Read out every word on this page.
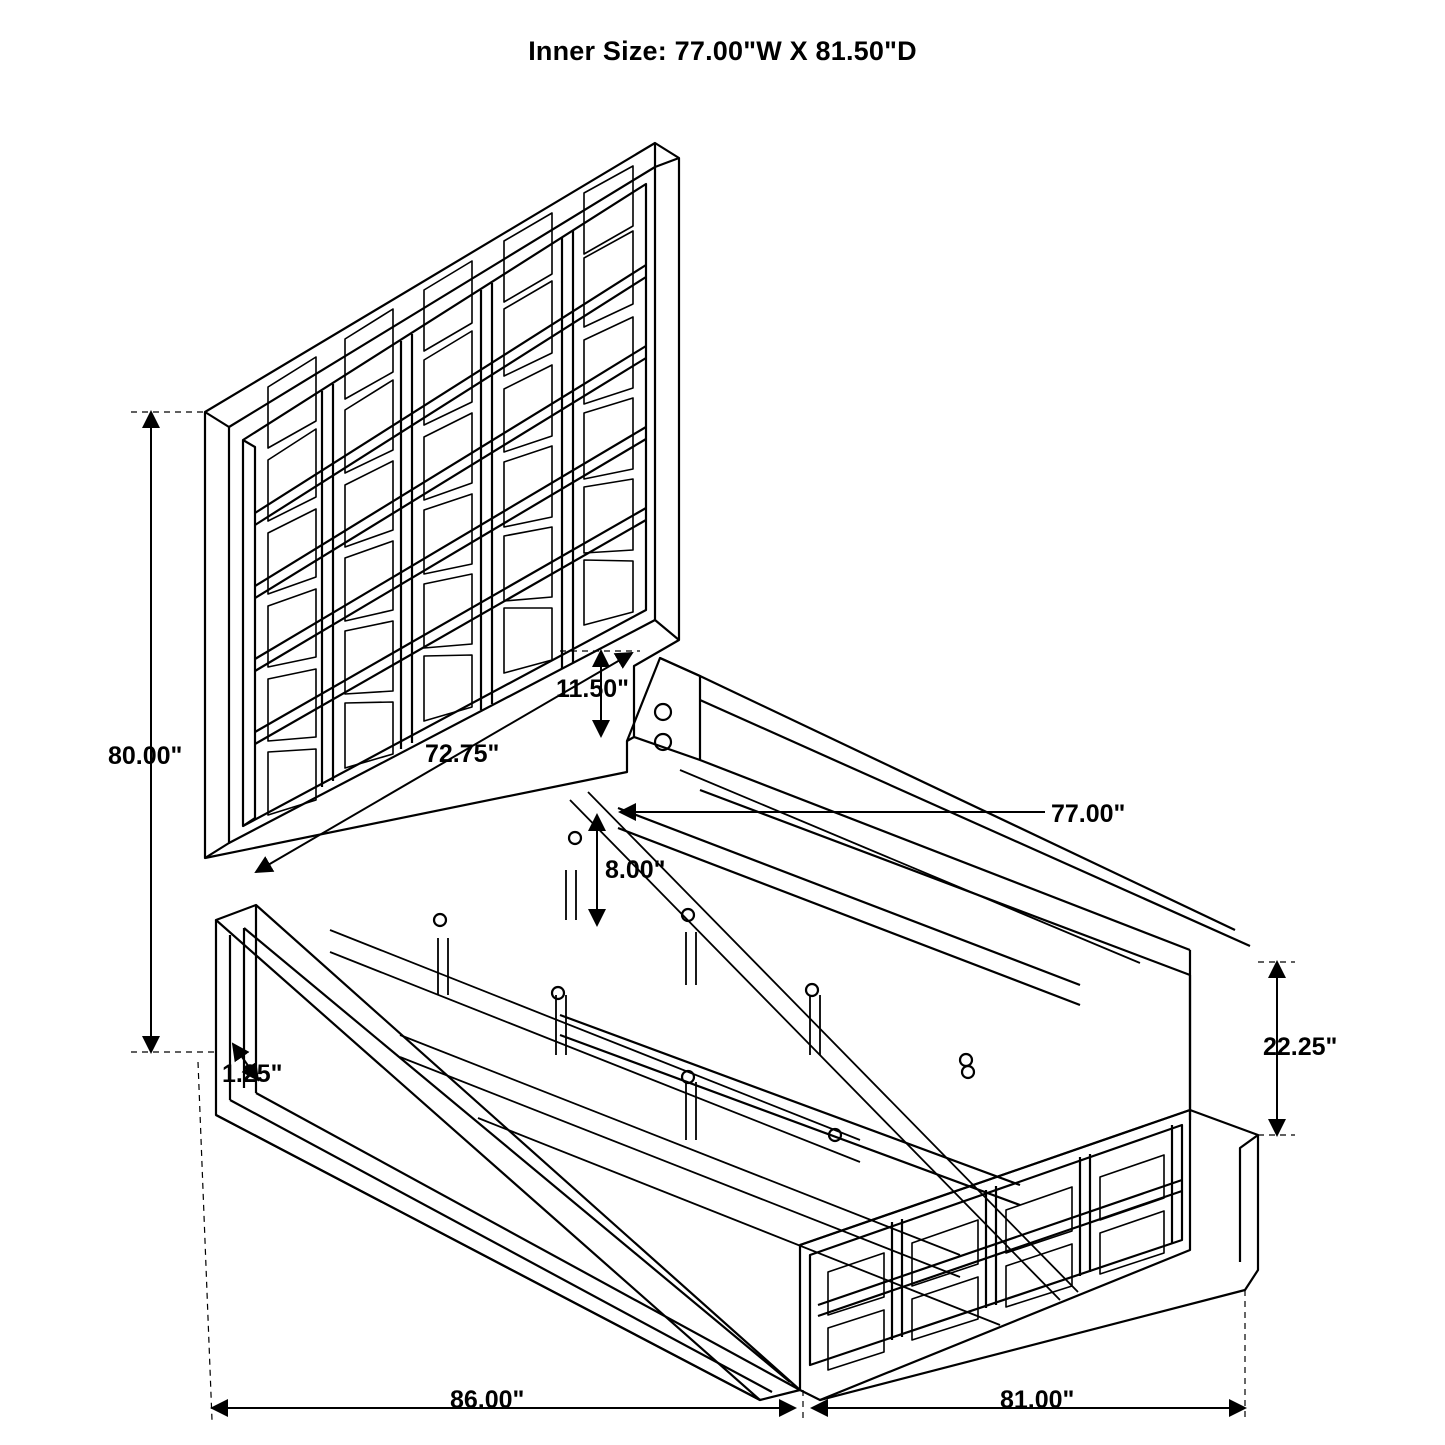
Inner Size: 77.00"W X 81.50"D
80.00"
11.50"
72.75"
77.00"
8.00"
1.25"
22.25"
86.00"	81.00"
